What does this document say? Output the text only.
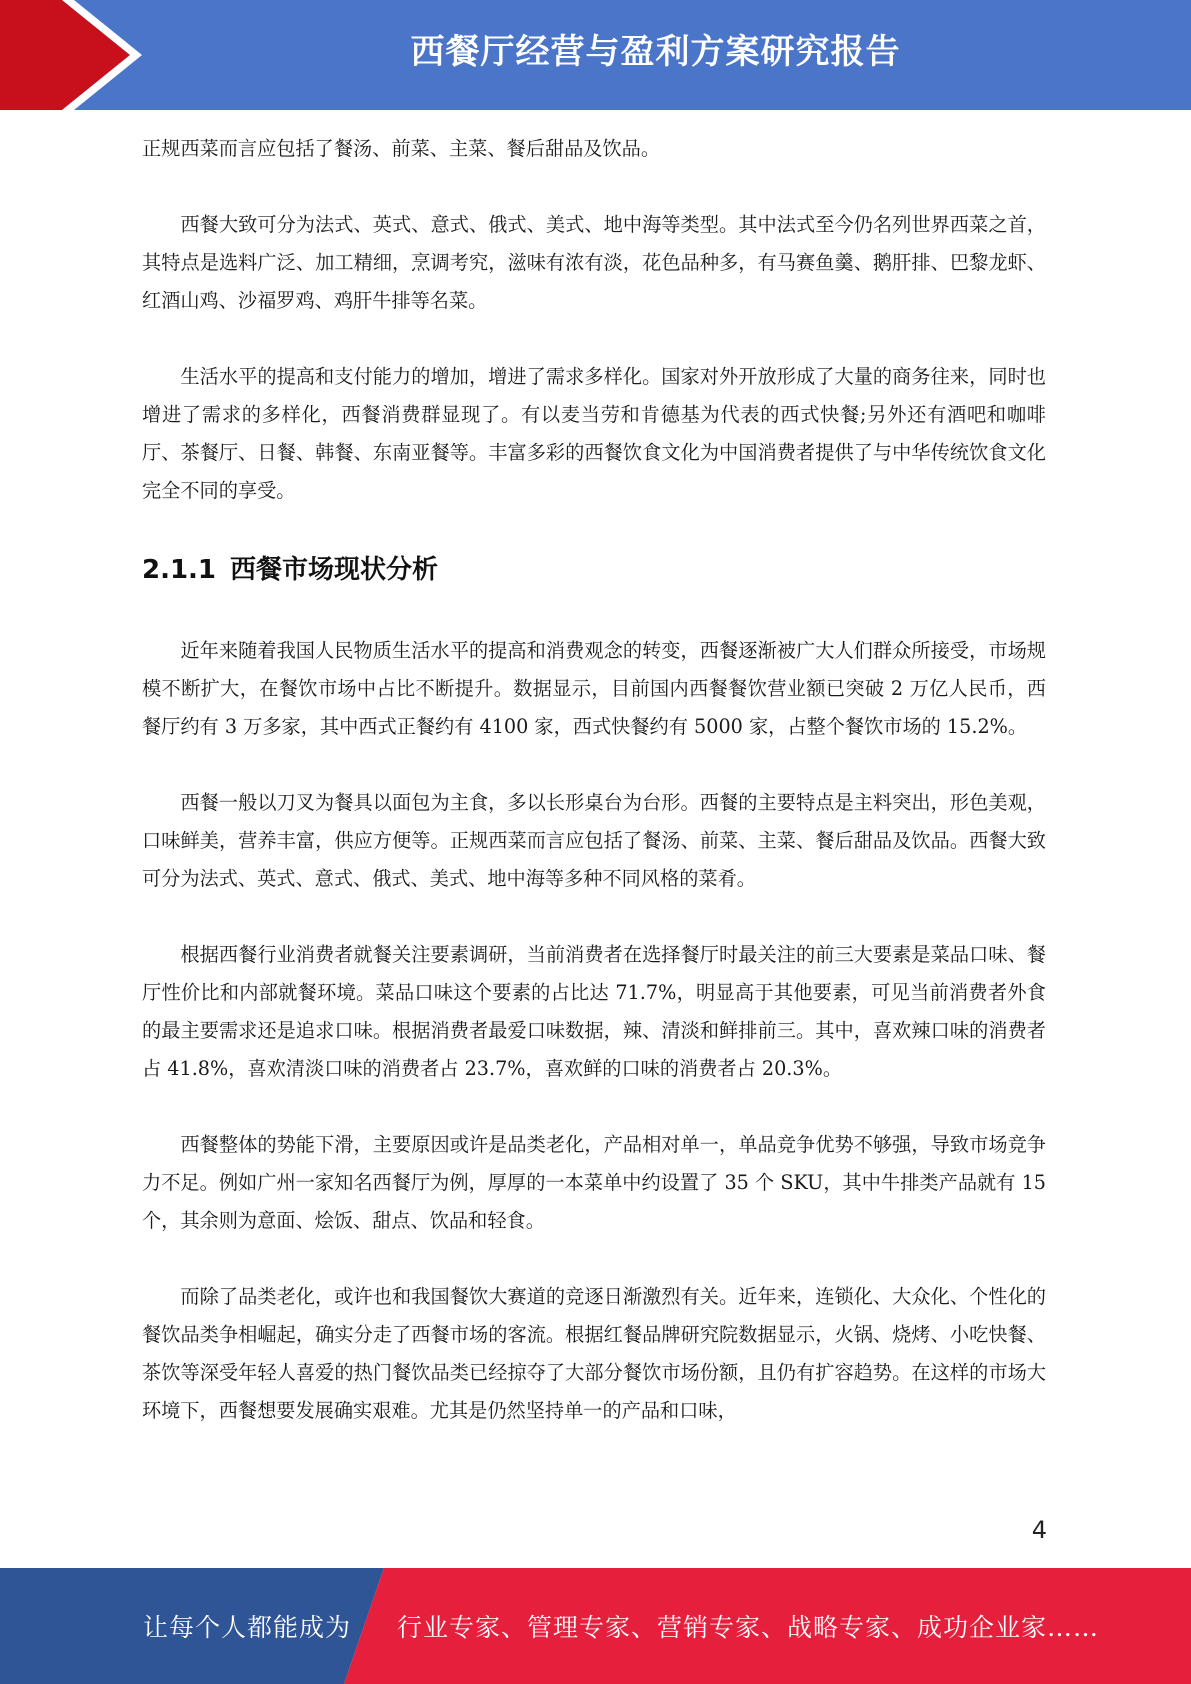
西餐厅经营与盈利方案研究报告

正规西菜而言应包括了餐汤、前菜、主菜、餐后甜品及饮品。

西餐大致可分为法式、英式、意式、俄式、美式、地中海等类型。其中法式至今仍名列世界西菜之首，其特点是选料广泛、加工精细，烹调考究，滋味有浓有淡，花色品种多，有马赛鱼羹、鹅肝排、巴黎龙虾、红酒山鸡、沙福罗鸡、鸡肝牛排等名菜。

生活水平的提高和支付能力的增加，增进了需求多样化。国家对外开放形成了大量的商务往来，同时也增进了需求的多样化，西餐消费群显现了。有以麦当劳和肯德基为代表的西式快餐;另外还有酒吧和咖啡厅、茶餐厅、日餐、韩餐、东南亚餐等。丰富多彩的西餐饮食文化为中国消费者提供了与中华传统饮食文化完全不同的享受。

2.1.1 西餐市场现状分析

近年来随着我国人民物质生活水平的提高和消费观念的转变，西餐逐渐被广大人们群众所接受，市场规模不断扩大，在餐饮市场中占比不断提升。数据显示，目前国内西餐餐饮营业额已突破 2 万亿人民币，西餐厅约有 3 万多家，其中西式正餐约有 4100 家，西式快餐约有 5000 家，占整个餐饮市场的 15.2%。

西餐一般以刀叉为餐具以面包为主食，多以长形桌台为台形。西餐的主要特点是主料突出，形色美观，口味鲜美，营养丰富，供应方便等。正规西菜而言应包括了餐汤、前菜、主菜、餐后甜品及饮品。西餐大致可分为法式、英式、意式、俄式、美式、地中海等多种不同风格的菜肴。

根据西餐行业消费者就餐关注要素调研，当前消费者在选择餐厅时最关注的前三大要素是菜品口味、餐厅性价比和内部就餐环境。菜品口味这个要素的占比达 71.7%，明显高于其他要素，可见当前消费者外食的最主要需求还是追求口味。根据消费者最爱口味数据，辣、清淡和鲜排前三。其中，喜欢辣口味的消费者占 41.8%，喜欢清淡口味的消费者占 23.7%，喜欢鲜的口味的消费者占 20.3%。

西餐整体的势能下滑，主要原因或许是品类老化，产品相对单一，单品竞争优势不够强，导致市场竞争力不足。例如广州一家知名西餐厅为例，厚厚的一本菜单中约设置了 35 个 SKU，其中牛排类产品就有 15 个，其余则为意面、烩饭、甜点、饮品和轻食。

而除了品类老化，或许也和我国餐饮大赛道的竞逐日渐激烈有关。近年来，连锁化、大众化、个性化的餐饮品类争相崛起，确实分走了西餐市场的客流。根据红餐品牌研究院数据显示，火锅、烧烤、小吃快餐、茶饮等深受年轻人喜爱的热门餐饮品类已经掠夺了大部分餐饮市场份额，且仍有扩容趋势。在这样的市场大环境下，西餐想要发展确实艰难。尤其是仍然坚持单一的产品和口味，

4
让每个人都能成为 行业专家、管理专家、营销专家、战略专家、成功企业家……
